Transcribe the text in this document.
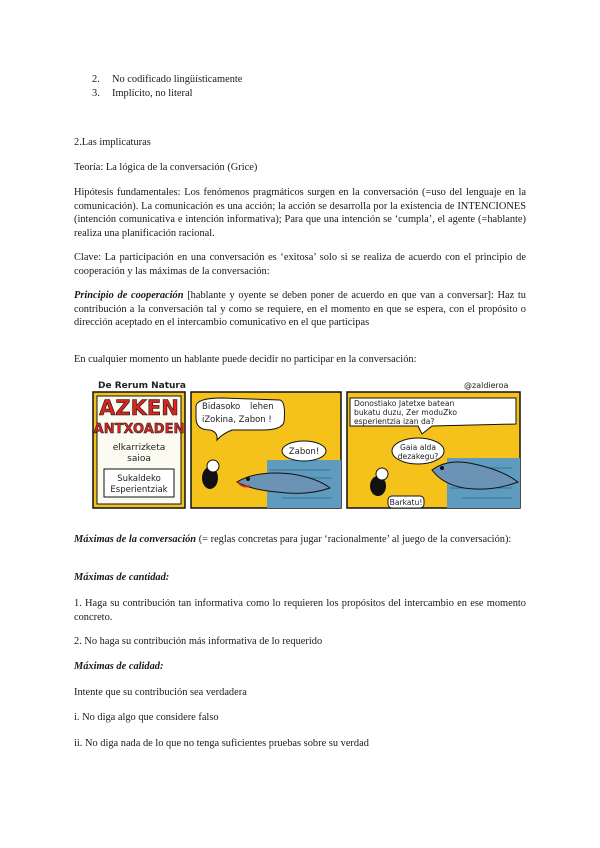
2. No codificado lingüísticamente
3. Implícito, no literal

2.Las implicaturas

Teoría: La lógica de la conversación (Grice)

Hipótesis fundamentales: Los fenómenos pragmáticos surgen en la conversación (=uso del lenguaje en la comunicación). La comunicación es una acción; la acción se desarrolla por la existencia de INTENCIONES (intención comunicativa e intención informativa); Para que una intención se ‘cumpla’, el agente (=hablante) realiza una planificación racional.

Clave: La participación en una conversación es ‘exitosa’ solo si se realiza de acuerdo con el principio de cooperación y las máximas de la conversación:

Principio de cooperación [hablante y oyente se deben poner de acuerdo en que van a conversar]: Haz tu contribución a la conversación tal y como se requiere, en el momento en que se espera, con el propósito o dirección aceptado en el intercambio comunicativo en el que participas

En cualquier momento un hablante puede decidir no participar en la conversación:

De Rerum Natura	@zaldieroa
AZKEN
ANTXOADEN
elkarrizketa
saioa
Sukaldeko
Esperientziak
Bidasoko lehen
iZokina, Zabon !
Zabon!
Donostiako Jatetxe batean
bukatu duzu, Zer moduZko
esperientzia izan da?
Gaia alda
dezakegu?
Barkatu!

Máximas de la conversación (= reglas concretas para jugar ‘racionalmente’ al juego de la conversación):

Máximas de cantidad:

1. Haga su contribución tan informativa como lo requieren los propósitos del intercambio en ese momento concreto.

2. No haga su contribución más informativa de lo requerido

Máximas de calidad:

Intente que su contribución sea verdadera

i. No diga algo que considere falso

ii. No diga nada de lo que no tenga suficientes pruebas sobre su verdad
